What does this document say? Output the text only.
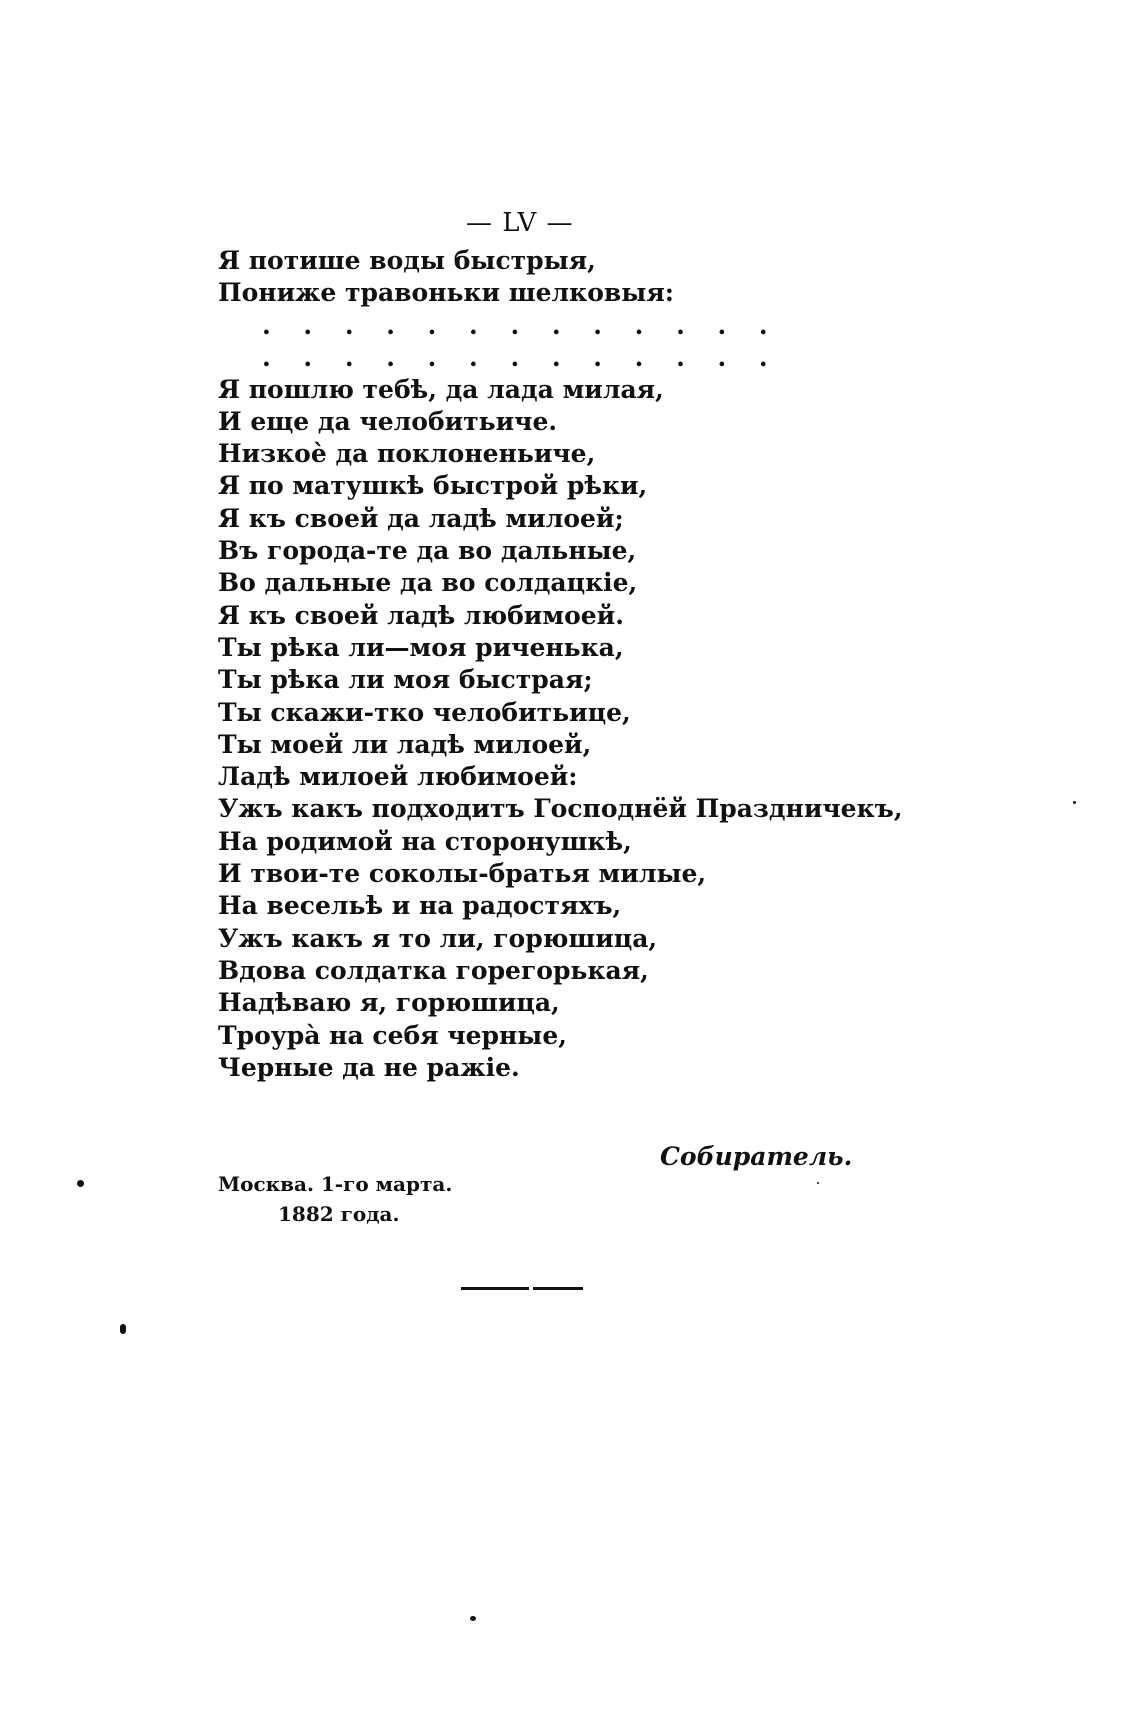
— LV —
Я потише воды быстрыя,
Пониже травоньки шелковыя:
. . . . . . . . . . . . .
. . . . . . . . . . . . .
Я пошлю тебѣ, да лада милая,
И еще да челобитьиче.
Низкоѐ да поклоненьиче,
Я по матушкѣ быстрой рѣки,
Я къ своей да ладѣ милоей;
Въ города-те да во дальные,
Во дальные да во солдацкіе,
Я къ своей ладѣ любимоей.
Ты рѣка ли—моя риченька,
Ты рѣка ли моя быстрая;
Ты скажи-тко челобитьице,
Ты моей ли ладѣ милоей,
Ладѣ милоей любимоей:
Ужъ какъ подходитъ Господнёй Праздничекъ,
На родимой на сторонушкѣ,
И твои-те соколы-братья милые,
На весельѣ и на радостяхъ,
Ужъ какъ я то ли, горюшица,
Вдова солдатка горегорькая,
Надѣваю я, горюшица,
Троурà на себя черные,
Черные да не ражіе.
Собиратель.
Москва. 1-го марта.
1882 года.
